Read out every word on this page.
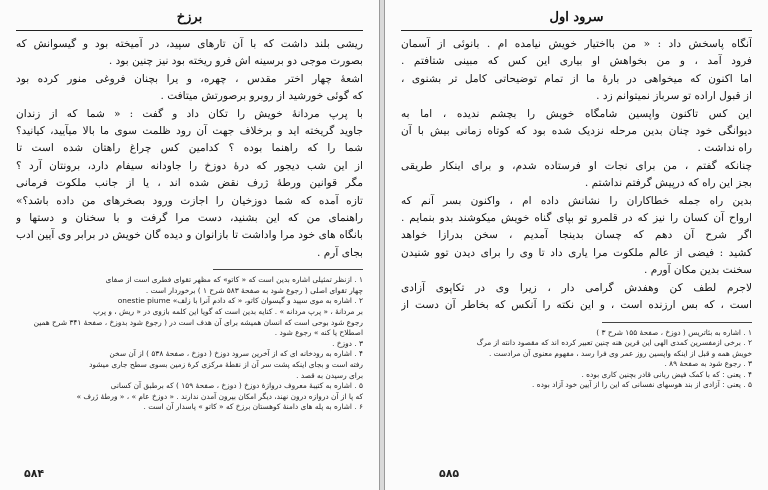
برزخ
ریشی بلند داشت که با آن تارهای سپید، در آمیخته بود و گیسوانش که
بصورت موجی دو برسینه اش فرو ریخته بود نیز چنین بود .
اشعهٔ چهار اختر مقدس ، چهره، و یرا بچنان فروغی منور کرده بود
که گوئی خورشید از روبرو برصورتش میتافت .
با پرپ مردانهٔ خویش را تکان داد و گفت : « شما که از زندان
جاوید گریخته اید و برخلاف جهت آن رود ظلمت سوی ما بالا میآیید، کیانید؟
شما را که راهنما بوده ؟ کدامین کس چراغ راهتان شده است تا
از این شب دیجور که درهٔ دوزخ را جاودانه سیفام دارد، برونتان آرد ؟
مگر قوانین ورطهٔ ژرف نقض شده اند ، یا از جانب ملکوت فرمانی
تازه آمده که شما دوزخیان را اجازت ورود بصخرهای من داده باشد؟»
راهنمای من که این بشنید، دست مرا گرفت و با سخنان و دستها و
بانگاه های خود مرا واداشت تا بازانوان و دیده گان خویش در برابر وی آیین ادب
بجای آرم .
۱ . ازنظر تمثیلی اشاره بدین است که « کاتو» که مظهر تقوای فطری است از صفای
چهار تقوای اصلی ( رجوع شود به صفحهٔ ۵۸۳ شرح ۱ ) برخوردار است .
۲ . اشاره به موی سپید و گیسوان کاتو، « که دادم آنرا با زلف» onestie piume
بر مردانهٔ ، « پرپ مردانه » . کنایه بدین است که گویا این کلمه بازوی در « ریش ، و پرپ
رجوع شود بوحی است که انسان همیشه برای آن هدف است در ( رجوع شود بدوزخ ، صفحهٔ ۳۴۱ شرح همین
اصطلاح یا کنه » رجوع شود .
۳ . دوزخ .
۴ . اشاره به رودخانه ای که از آخرین سرود دوزخ ( دوزخ ، صفحهٔ ۵۳۸ ) از آن سخن
رفته است و بجای اینکه پشت سر آن از نقطهٔ مرکزی کرهٔ زمین بسوی سطح جاری میشود
برای رسیدن به قصد .
۵ . اشاره به کتیبهٔ معروف دروازهٔ دوزخ ( دوزخ ، صفحهٔ ۱۵۹ ) که برطبق آن کسانی
که پا از آن دروازه درون نهند، دیگر امکان بیرون آمدن ندارند . « دوزخ عام » ، « ورطهٔ ژرف »
۶ . اشاره به پله های دامنهٔ کوهستان برزخ که « کاتو » پاسدار آن است .
۵۸۴
سرود اول
آنگاه پاسخش داد : « من بااختیار خویش نیامده ام . بانوئی از آسمان
فرود آمد ، و من بخواهش او بیاری این کس که مبینی شتافتم .
اما اکنون که میخواهی در بارهٔ ما از تمام توضیحاتی کامل تر بشنوی ،
از قبول اراده تو سرباز نمیتوانم زد .
این کس تاکنون واپسین شامگاه خویش را بچشم ندیده ، اما به
دیوانگی خود چنان بدین مرحله نزدیک شده بود که کوتاه زمانی بیش با آن
راه نداشت .
چنانکه گفتم ، من برای نجات او فرستاده شدم، و برای اینکار طریقی
بجز این راه که درپیش گرفتم نداشتم .
بدین راه جمله خطاکاران را نشانش داده ام ، واکنون بسر آنم که
ارواح آن کسان را نیز که در قلمرو تو بپای گناه خویش میکوشند بدو بنمایم .
اگر شرح آن دهم که چسان بدینجا آمدیم ، سخن بدرازا خواهد
کشید : فیضی از عالم ملکوت مرا یاری داد تا وی را برای دیدن توو شنیدن
سخنت بدین مکان آورم .
لاجرم لطف کن وهفدش گرامی دار ، زیرا وی در تکاپوی آزادی
است ، که بس ارزنده است ، و این نکته را آنکس که بخاطر آن دست از
۱ . اشاره به بئاتریس ( دوزخ ، صفحهٔ ۱۵۵ شرح ۳ )
۲ . برخی ازمفسرین کمدی الهی این قرین هنه چنین تعبیر کرده اند که مقصود دانته از مرگ
خویش همه و قبل از اینکه واپسین روز عمر وی فرا رسد ، مفهوم معنوی آن مرادست .
۳ . رجوع شود به صفحهٔ ۸۹ .
۴ . یعنی : که با کمک فیض ربانی قادر بچنین کاری بوده .
۵ . یعنی : آزادی از بند هوسهای نفسانی که این را از آیین خود آزاد بوده .
۵۸۵
